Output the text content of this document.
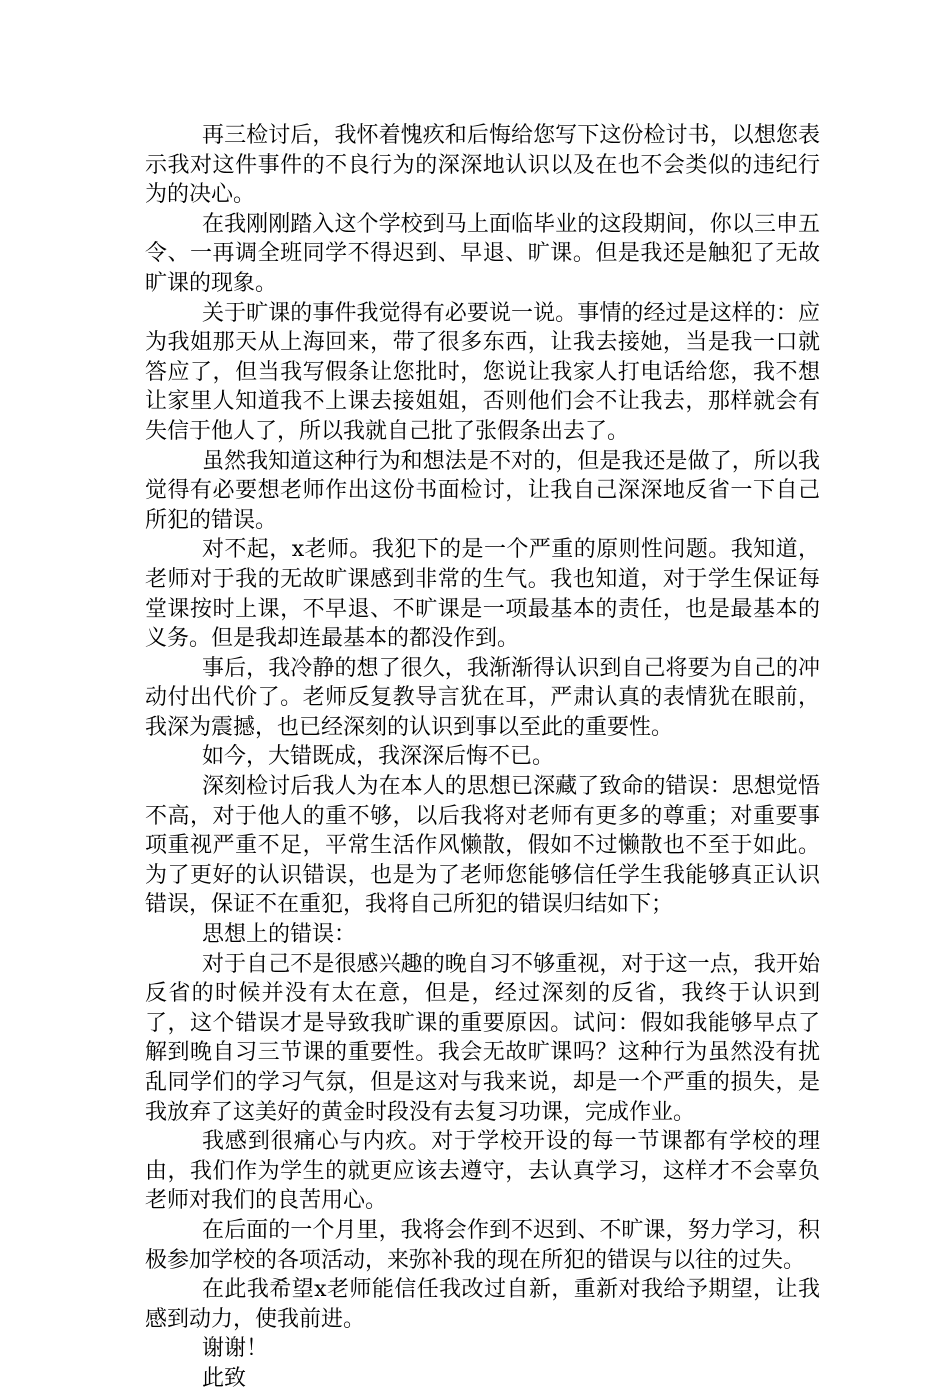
再三检讨后，我怀着愧疚和后悔给您写下这份检讨书，以想您表示我对这件事件的不良行为的深深地认识以及在也不会类似的违纪行为的决心。

在我刚刚踏入这个学校到马上面临毕业的这段期间，你以三申五令、一再调全班同学不得迟到、早退、旷课。但是我还是触犯了无故旷课的现象。

关于旷课的事件我觉得有必要说一说。事情的经过是这样的：应为我姐那天从上海回来，带了很多东西，让我去接她，当是我一口就答应了，但当我写假条让您批时，您说让我家人打电话给您，我不想让家里人知道我不上课去接姐姐，否则他们会不让我去，那样就会有失信于他人了，所以我就自己批了张假条出去了。

虽然我知道这种行为和想法是不对的，但是我还是做了，所以我觉得有必要想老师作出这份书面检讨，让我自己深深地反省一下自己所犯的错误。

对不起，x老师。我犯下的是一个严重的原则性问题。我知道，老师对于我的无故旷课感到非常的生气。我也知道，对于学生保证每堂课按时上课，不早退、不旷课是一项最基本的责任，也是最基本的义务。但是我却连最基本的都没作到。

事后，我冷静的想了很久，我渐渐得认识到自己将要为自己的冲动付出代价了。老师反复教导言犹在耳，严肃认真的表情犹在眼前，我深为震撼，也已经深刻的认识到事以至此的重要性。

如今，大错既成，我深深后悔不已。

深刻检讨后我人为在本人的思想已深藏了致命的错误：思想觉悟不高，对于他人的重不够，以后我将对老师有更多的尊重；对重要事项重视严重不足，平常生活作风懒散，假如不过懒散也不至于如此。为了更好的认识错误，也是为了老师您能够信任学生我能够真正认识错误，保证不在重犯，我将自己所犯的错误归结如下；

思想上的错误：

对于自己不是很感兴趣的晚自习不够重视，对于这一点，我开始反省的时候并没有太在意，但是，经过深刻的反省，我终于认识到了，这个错误才是导致我旷课的重要原因。试问：假如我能够早点了解到晚自习三节课的重要性。我会无故旷课吗？这种行为虽然没有扰乱同学们的学习气氛，但是这对与我来说，却是一个严重的损失，是我放弃了这美好的黄金时段没有去复习功课，完成作业。

我感到很痛心与内疚。对于学校开设的每一节课都有学校的理由，我们作为学生的就更应该去遵守，去认真学习，这样才不会辜负老师对我们的良苦用心。

在后面的一个月里，我将会作到不迟到、不旷课，努力学习，积极参加学校的各项活动，来弥补我的现在所犯的错误与以往的过失。

在此我希望x老师能信任我改过自新，重新对我给予期望，让我感到动力，使我前进。

谢谢！

此致
